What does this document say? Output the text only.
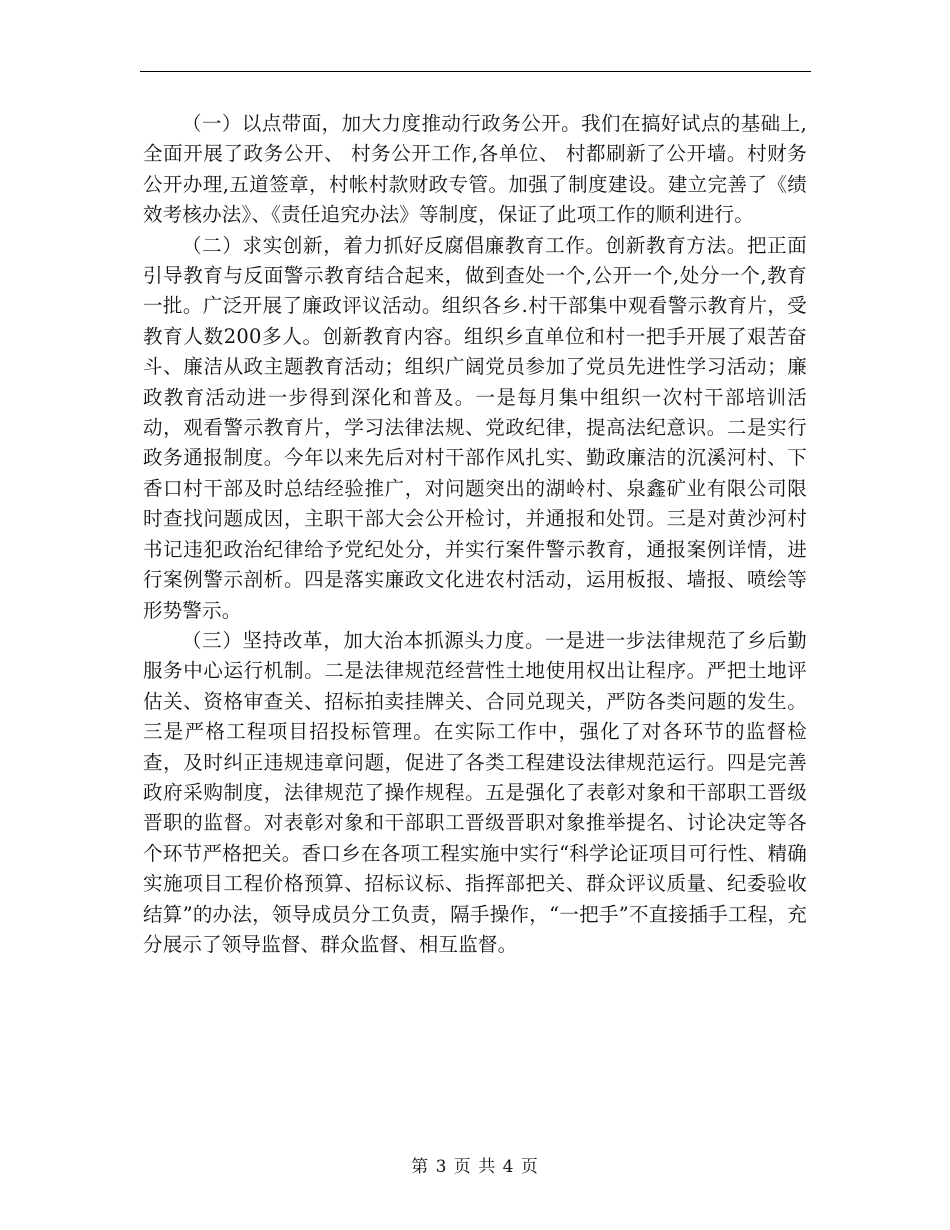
（一）以点带面，加大力度推动行政务公开。我们在搞好试点的基础上,全面开展了政务公开、 村务公开工作,各单位、 村都刷新了公开墙。村财务公开办理,五道签章，村帐村款财政专管。加强了制度建设。建立完善了《绩效考核办法》、《责任追究办法》等制度，保证了此项工作的顺利进行。

（二）求实创新，着力抓好反腐倡廉教育工作。创新教育方法。把正面引导教育与反面警示教育结合起来，做到查处一个,公开一个,处分一个,教育一批。广泛开展了廉政评议活动。组织各乡.村干部集中观看警示教育片，受教育人数200多人。创新教育内容。组织乡直单位和村一把手开展了艰苦奋斗、廉洁从政主题教育活动；组织广阔党员参加了党员先进性学习活动；廉政教育活动进一步得到深化和普及。一是每月集中组织一次村干部培训活动，观看警示教育片，学习法律法规、党政纪律，提高法纪意识。二是实行政务通报制度。今年以来先后对村干部作风扎实、勤政廉洁的沉溪河村、下香口村干部及时总结经验推广，对问题突出的湖岭村、泉鑫矿业有限公司限时查找问题成因，主职干部大会公开检讨，并通报和处罚。三是对黄沙河村书记违犯政治纪律给予党纪处分，并实行案件警示教育，通报案例详情，进行案例警示剖析。四是落实廉政文化进农村活动，运用板报、墙报、喷绘等形势警示。

（三）坚持改革，加大治本抓源头力度。一是进一步法律规范了乡后勤服务中心运行机制。二是法律规范经营性土地使用权出让程序。严把土地评估关、资格审查关、招标拍卖挂牌关、合同兑现关，严防各类问题的发生。三是严格工程项目招投标管理。在实际工作中，强化了对各环节的监督检查，及时纠正违规违章问题，促进了各类工程建设法律规范运行。四是完善政府采购制度，法律规范了操作规程。五是强化了表彰对象和干部职工晋级晋职的监督。对表彰对象和干部职工晋级晋职对象推举提名、讨论决定等各个环节严格把关。香口乡在各项工程实施中实行“科学论证项目可行性、精确实施项目工程价格预算、招标议标、指挥部把关、群众评议质量、纪委验收结算”的办法，领导成员分工负责，隔手操作，“一把手”不直接插手工程，充分展示了领导监督、群众监督、相互监督。

第 3 页 共 4 页
